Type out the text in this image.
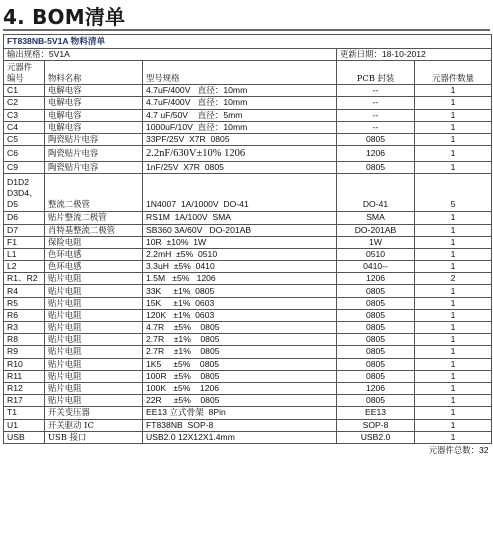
4. BOM清单
FT838NB-5V1A 物料清单				
输出规格：5V1A			更新日期：18-10-2012	

元器件
编号	物料名称	型号规格	PCB 封装	元器件数量
C1	电解电容	4.7uF/400V   直径：10mm	--	1
C2	电解电容	4.7uF/400V   直径：10mm	--	1
C3	电解电容	4.7 uF/50V    直径：5mm	--	1
C4	电解电容	1000uF/10V  直径：10mm	--	1
C5	陶瓷贴片电容	33PF/25V  X7R  0805	0805	1
C6	陶瓷贴片电容	2.2nF/630V±10% 1206	1206	1
C9	陶瓷贴片电容	1nF/25V  X7R  0805	0805	1

D1D2
D3D4、
D5	整流二极管	1N4007  1A/1000V  DO-41	DO-41	5
D6	贴片整流二极管	RS1M  1A/100V  SMA	SMA	1
D7	肖特基整流二极管	SB360 3A/60V   DO-201AB	DO-201AB	1
F1	保险电阻	10R  ±10%  1W	1W	1
L1	色环电感	2.2mH  ±5%  0510	0510	1
L2	色环电感	3.3uH  ±5%  0410	0410--	1
R1、R2	贴片电阻	1.5M   ±5%   1206	1206	2
R4	贴片电阻	33K     ±1%  0805	0805	1
R5	贴片电阻	15K     ±1%  0603	0805	1
R6	贴片电阻	120K   ±1%  0603	0805	1
R3	贴片电阻	4.7R    ±5%    0805	0805	1
R8	贴片电阻	2.7R    ±1%    0805	0805	1
R9	贴片电阻	2.7R    ±1%    0805	0805	1
R10	贴片电阻	1K5     ±5%    0805	0805	1
R11	贴片电阻	100R   ±5%    0805	0805	1
R12	贴片电阻	100K   ±5%    1206	1206	1
R17	贴片电阻	22R     ±5%    0805	0805	1
T1	开关变压器	EE13 立式骨架  8Pin	EE13	1
U1	开关驱动 IC	FT838NB  SOP-8	SOP-8	1
USB	USB 接口	USB2.0 12X12X1.4mm	USB2.0	1
			元器件总数：32	
